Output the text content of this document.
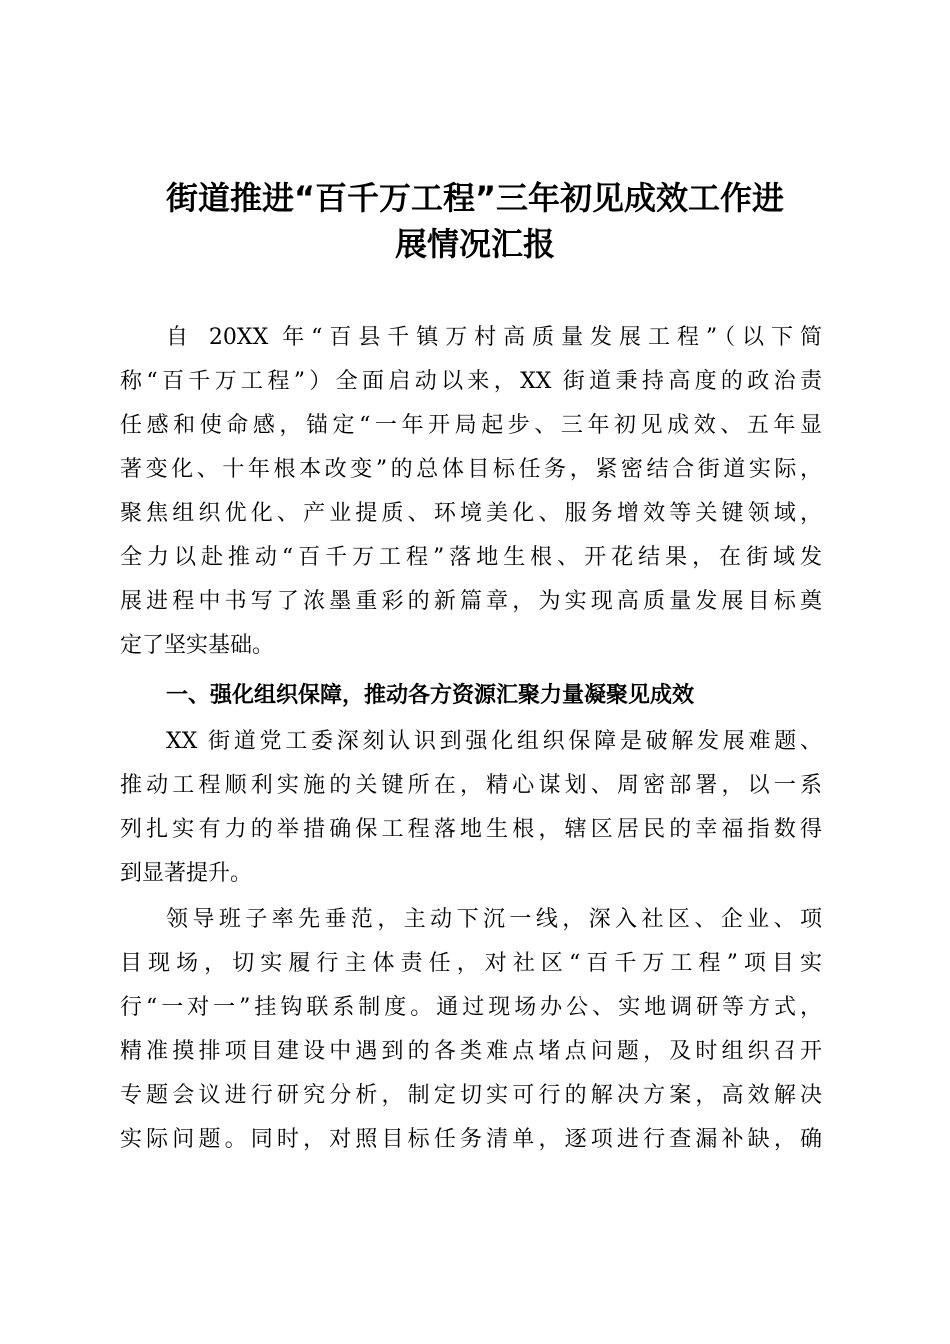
街道推进“百千万工程”三年初见成效工作进
展情况汇报
自 20XX 年“百县千镇万村高质量发展工程”（以下简
称“百千万工程”）全面启动以来，XX 街道秉持高度的政治责
任感和使命感，锚定“一年开局起步、三年初见成效、五年显
著变化、十年根本改变”的总体目标任务，紧密结合街道实际，
聚焦组织优化、产业提质、环境美化、服务增效等关键领域，
全力以赴推动“百千万工程”落地生根、开花结果，在街域发
展进程中书写了浓墨重彩的新篇章，为实现高质量发展目标奠
定了坚实基础。
一、强化组织保障，推动各方资源汇聚力量凝聚见成效
XX 街道党工委深刻认识到强化组织保障是破解发展难题、
推动工程顺利实施的关键所在，精心谋划、周密部署，以一系
列扎实有力的举措确保工程落地生根，辖区居民的幸福指数得
到显著提升。
领导班子率先垂范，主动下沉一线，深入社区、企业、项
目现场，切实履行主体责任，对社区“百千万工程”项目实
行“一对一”挂钩联系制度。通过现场办公、实地调研等方式，
精准摸排项目建设中遇到的各类难点堵点问题，及时组织召开
专题会议进行研究分析，制定切实可行的解决方案，高效解决
实际问题。同时，对照目标任务清单，逐项进行查漏补缺，确
